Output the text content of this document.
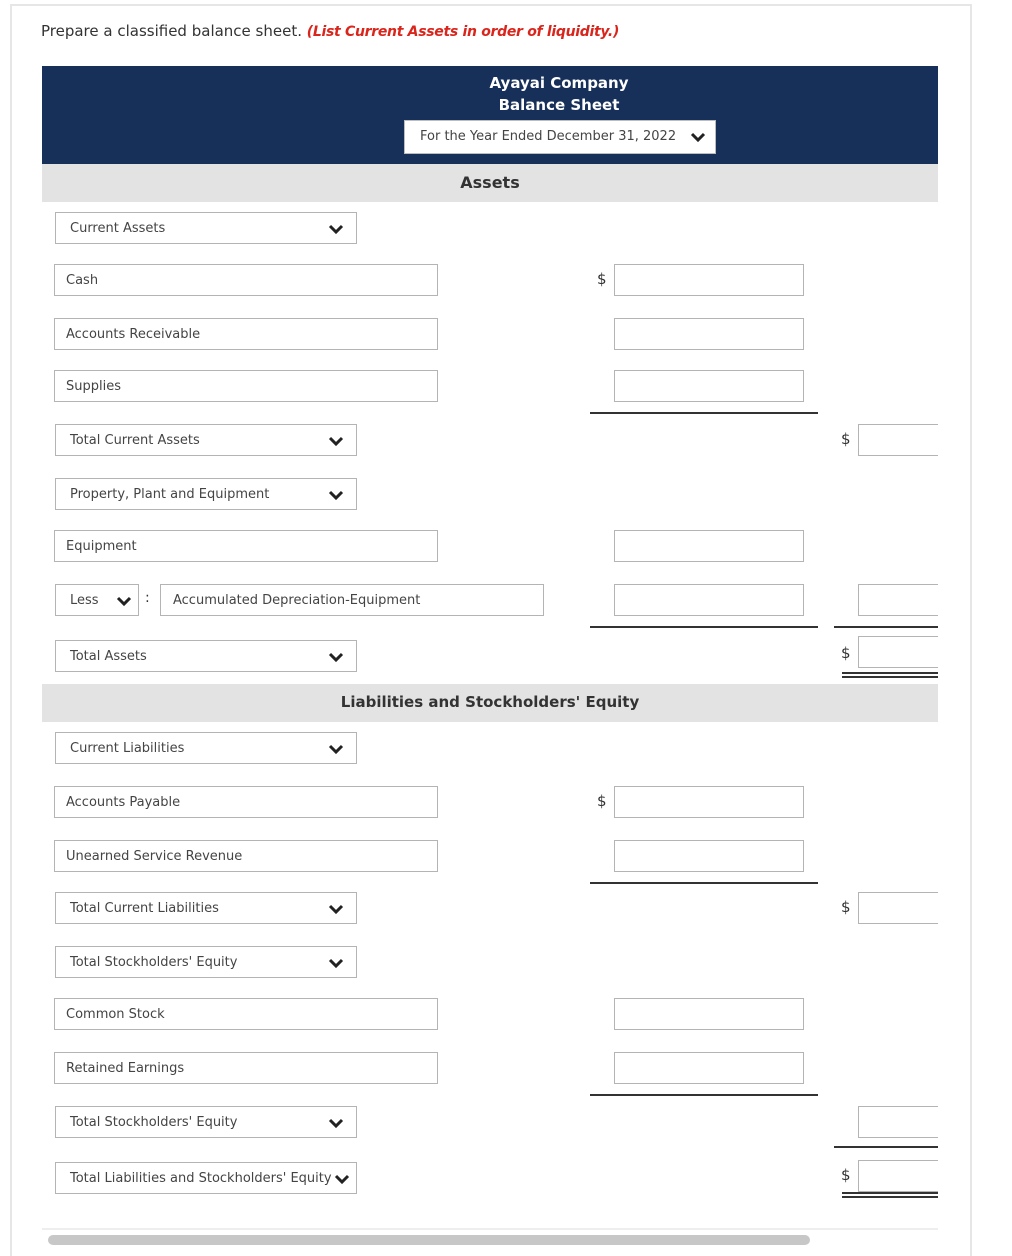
Prepare a classified balance sheet. (List Current Assets in order of liquidity.)
Ayayai Company
Balance Sheet
For the Year Ended December 31, 2022
Assets
Current Assets
Cash	$
Accounts Receivable
Supplies
Total Current Assets	$
Property, Plant and Equipment
Equipment
Less	:	Accumulated Depreciation-Equipment
Total Assets	$
Liabilities and Stockholders' Equity
Current Liabilities
Accounts Payable	$
Unearned Service Revenue
Total Current Liabilities	$
Total Stockholders' Equity
Common Stock
Retained Earnings
Total Stockholders' Equity
Total Liabilities and Stockholders' Equity	$
